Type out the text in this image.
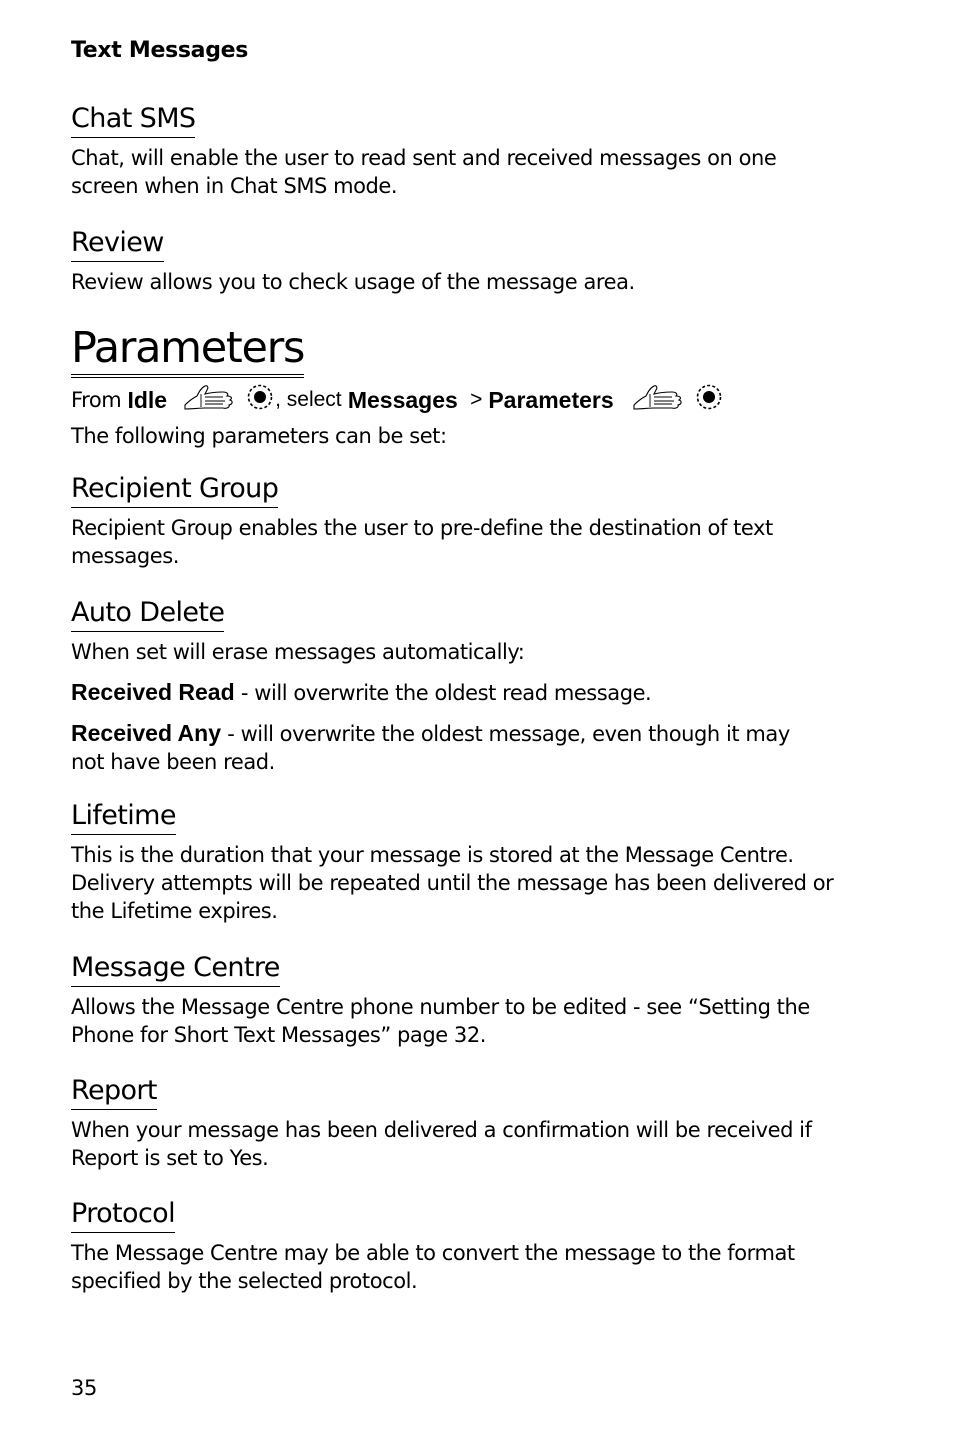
Text Messages
Chat SMS

Chat, will enable the user to read sent and received messages on one
screen when in Chat SMS mode.

Review

Review allows you to check usage of the message area.

Parameters
From
Idle	, select
Messages
> Parameters

The following parameters can be set:

Recipient Group

Recipient Group enables the user to pre-define the destination of text
messages.

Auto Delete

When set will erase messages automatically:

Received Read - will overwrite the oldest read message.

Received Any - will overwrite the oldest message, even though it may
not have been read.

Lifetime

This is the duration that your message is stored at the Message Centre.
Delivery attempts will be repeated until the message has been delivered or
the Lifetime expires.

Message Centre

Allows the Message Centre phone number to be edited - see “Setting the
Phone for Short Text Messages” page 32.

Report

When your message has been delivered a confirmation will be received if
Report is set to Yes.

Protocol

The Message Centre may be able to convert the message to the format
specified by the selected protocol.

35
